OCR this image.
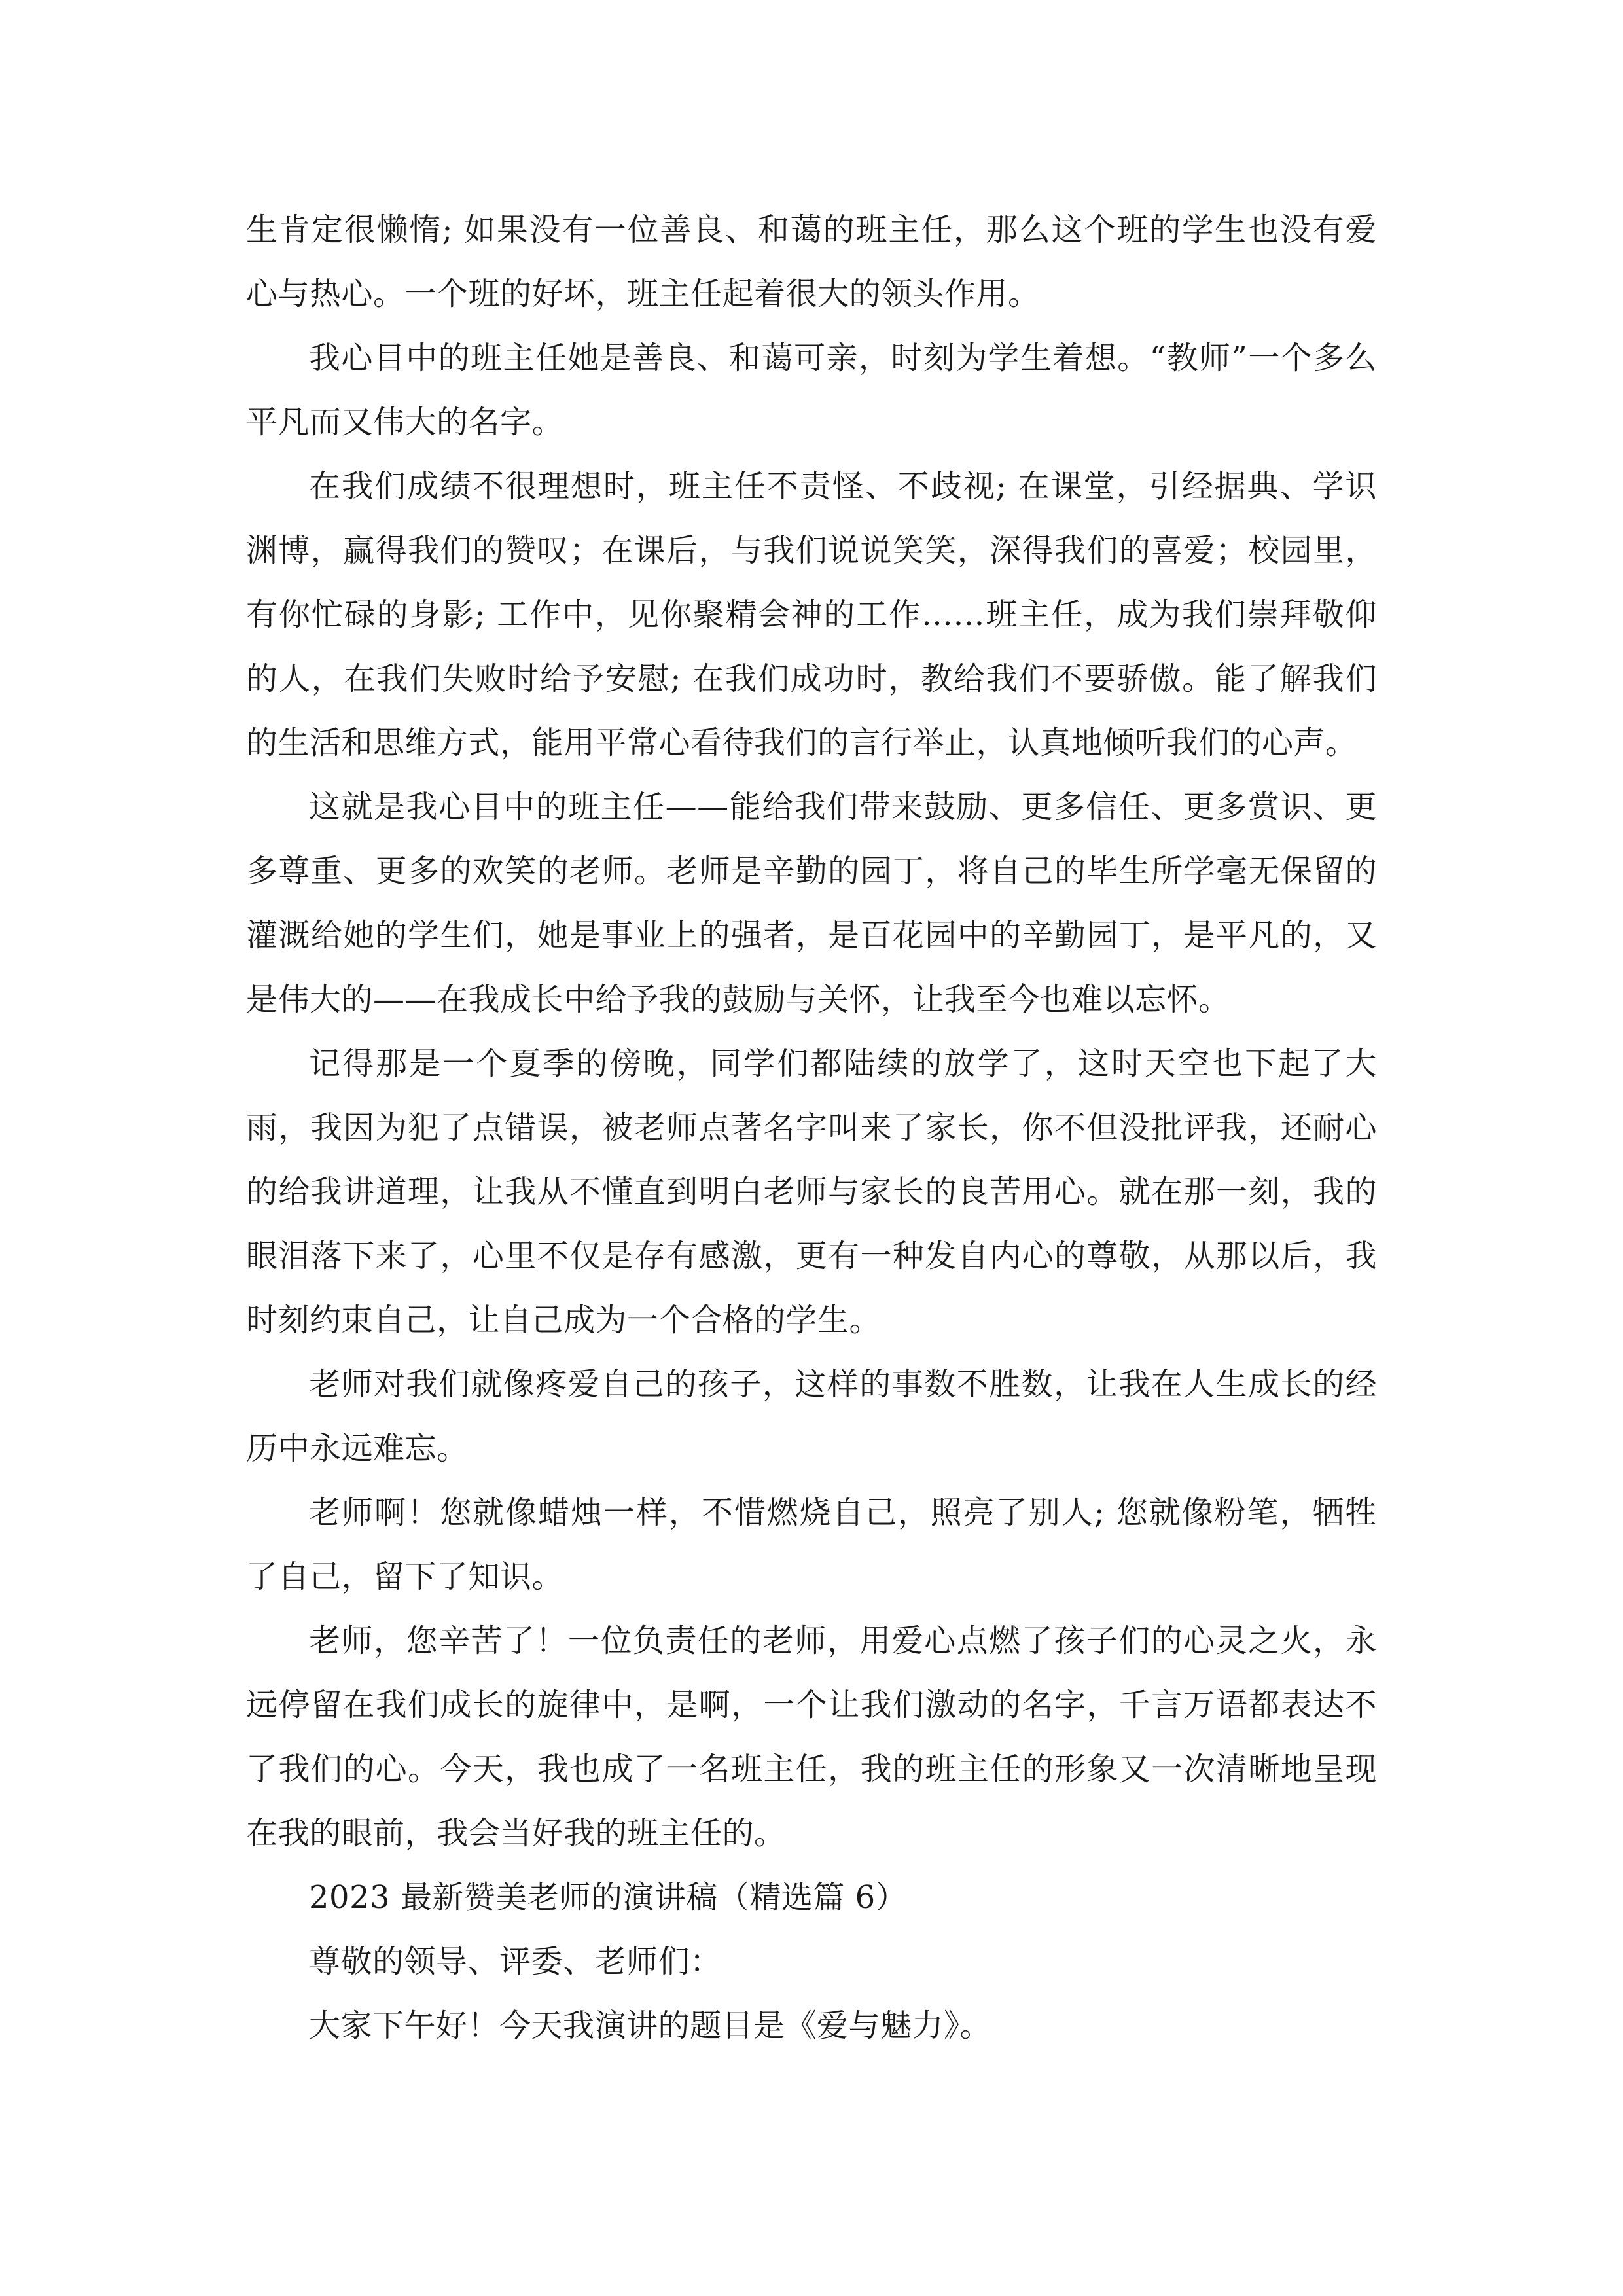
生肯定很懒惰; 如果没有一位善良、和蔼的班主任，那么这个班的学生也没有爱心与热心。一个班的好坏，班主任起着很大的领头作用。

我心目中的班主任她是善良、和蔼可亲，时刻为学生着想。“教师”一个多么平凡而又伟大的名字。

在我们成绩不很理想时，班主任不责怪、不歧视; 在课堂，引经据典、学识渊博，赢得我们的赞叹；在课后，与我们说说笑笑，深得我们的喜爱；校园里，有你忙碌的身影; 工作中，见你聚精会神的工作……班主任，成为我们崇拜敬仰的人，在我们失败时给予安慰; 在我们成功时，教给我们不要骄傲。能了解我们的生活和思维方式，能用平常心看待我们的言行举止，认真地倾听我们的心声。

这就是我心目中的班主任——能给我们带来鼓励、更多信任、更多赏识、更多尊重、更多的欢笑的老师。老师是辛勤的园丁，将自己的毕生所学毫无保留的灌溉给她的学生们，她是事业上的强者，是百花园中的辛勤园丁，是平凡的，又是伟大的——在我成长中给予我的鼓励与关怀，让我至今也难以忘怀。

记得那是一个夏季的傍晚，同学们都陆续的放学了，这时天空也下起了大雨，我因为犯了点错误，被老师点著名字叫来了家长，你不但没批评我，还耐心的给我讲道理，让我从不懂直到明白老师与家长的良苦用心。就在那一刻，我的眼泪落下来了，心里不仅是存有感激，更有一种发自内心的尊敬，从那以后，我时刻约束自己，让自己成为一个合格的学生。

老师对我们就像疼爱自己的孩子，这样的事数不胜数，让我在人生成长的经历中永远难忘。

老师啊！您就像蜡烛一样，不惜燃烧自己，照亮了别人; 您就像粉笔，牺牲了自己，留下了知识。

老师，您辛苦了！一位负责任的老师，用爱心点燃了孩子们的心灵之火，永远停留在我们成长的旋律中，是啊，一个让我们激动的名字，千言万语都表达不了我们的心。今天，我也成了一名班主任，我的班主任的形象又一次清晰地呈现在我的眼前，我会当好我的班主任的。

2023 最新赞美老师的演讲稿（精选篇 6）

尊敬的领导、评委、老师们：

大家下午好！今天我演讲的题目是《爱与魅力》。
